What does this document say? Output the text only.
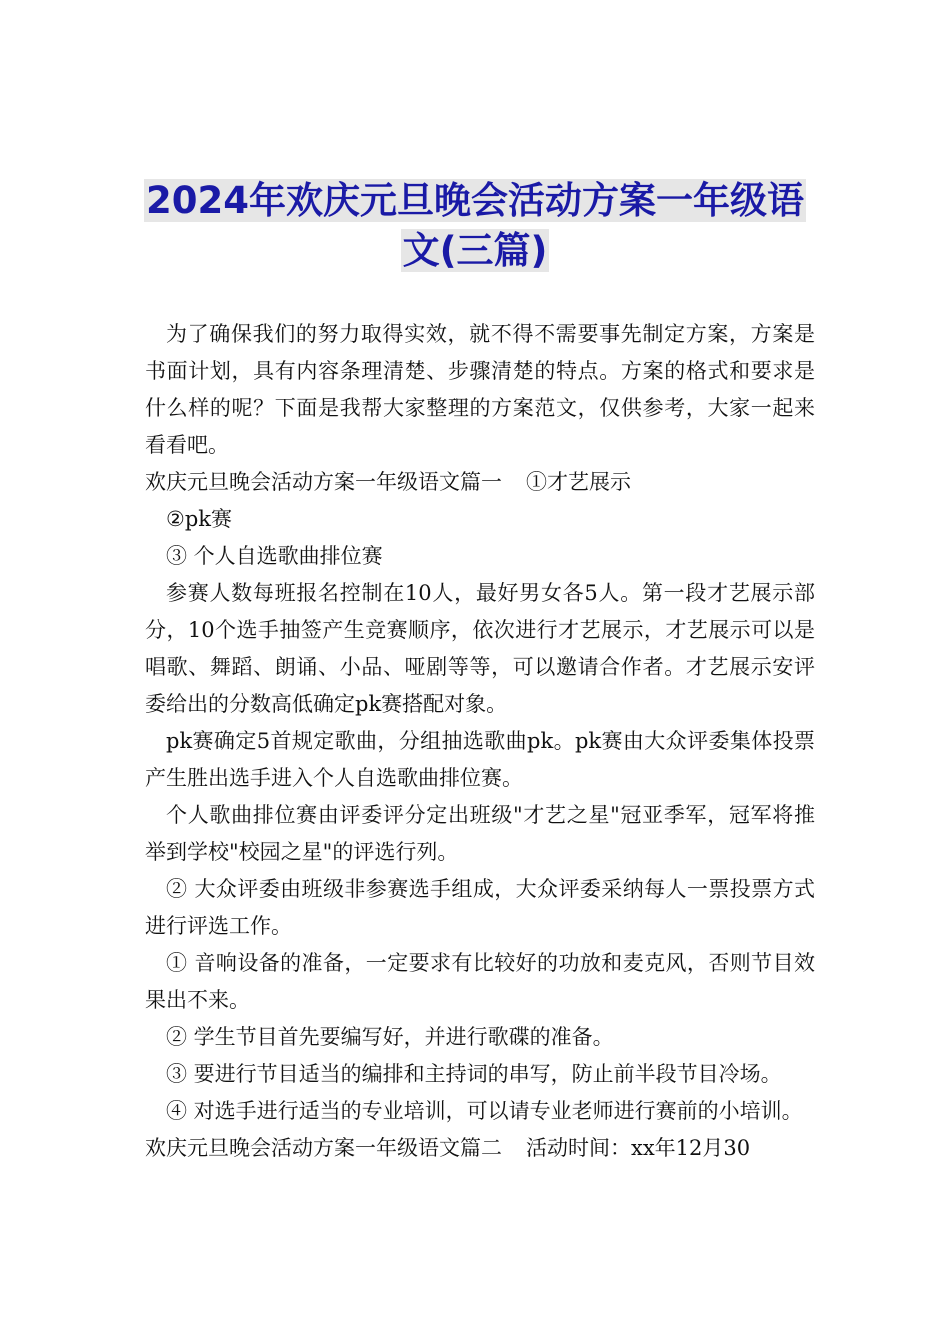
2024年欢庆元旦晚会活动方案一年级语
文(三篇)

为了确保我们的努力取得实效，就不得不需要事先制定方案，方案是书面计划，具有内容条理清楚、步骤清楚的特点。方案的格式和要求是什么样的呢？下面是我帮大家整理的方案范文，仅供参考，大家一起来看看吧。

欢庆元旦晚会活动方案一年级语文篇一 ①才艺展示

②pk赛

③ 个人自选歌曲排位赛

参赛人数每班报名控制在10人，最好男女各5人。第一段才艺展示部分，10个选手抽签产生竞赛顺序，依次进行才艺展示，才艺展示可以是唱歌、舞蹈、朗诵、小品、哑剧等等，可以邀请合作者。才艺展示安评委给出的分数高低确定pk赛搭配对象。

pk赛确定5首规定歌曲，分组抽选歌曲pk。pk赛由大众评委集体投票产生胜出选手进入个人自选歌曲排位赛。

个人歌曲排位赛由评委评分定出班级"才艺之星"冠亚季军，冠军将推举到学校"校园之星"的评选行列。

② 大众评委由班级非参赛选手组成，大众评委采纳每人一票投票方式进行评选工作。

① 音响设备的准备，一定要求有比较好的功放和麦克风，否则节目效果出不来。

② 学生节目首先要编写好，并进行歌碟的准备。

③ 要进行节目适当的编排和主持词的串写，防止前半段节目冷场。

④ 对选手进行适当的专业培训，可以请专业老师进行赛前的小培训。

欢庆元旦晚会活动方案一年级语文篇二 活动时间：xx年12月30
